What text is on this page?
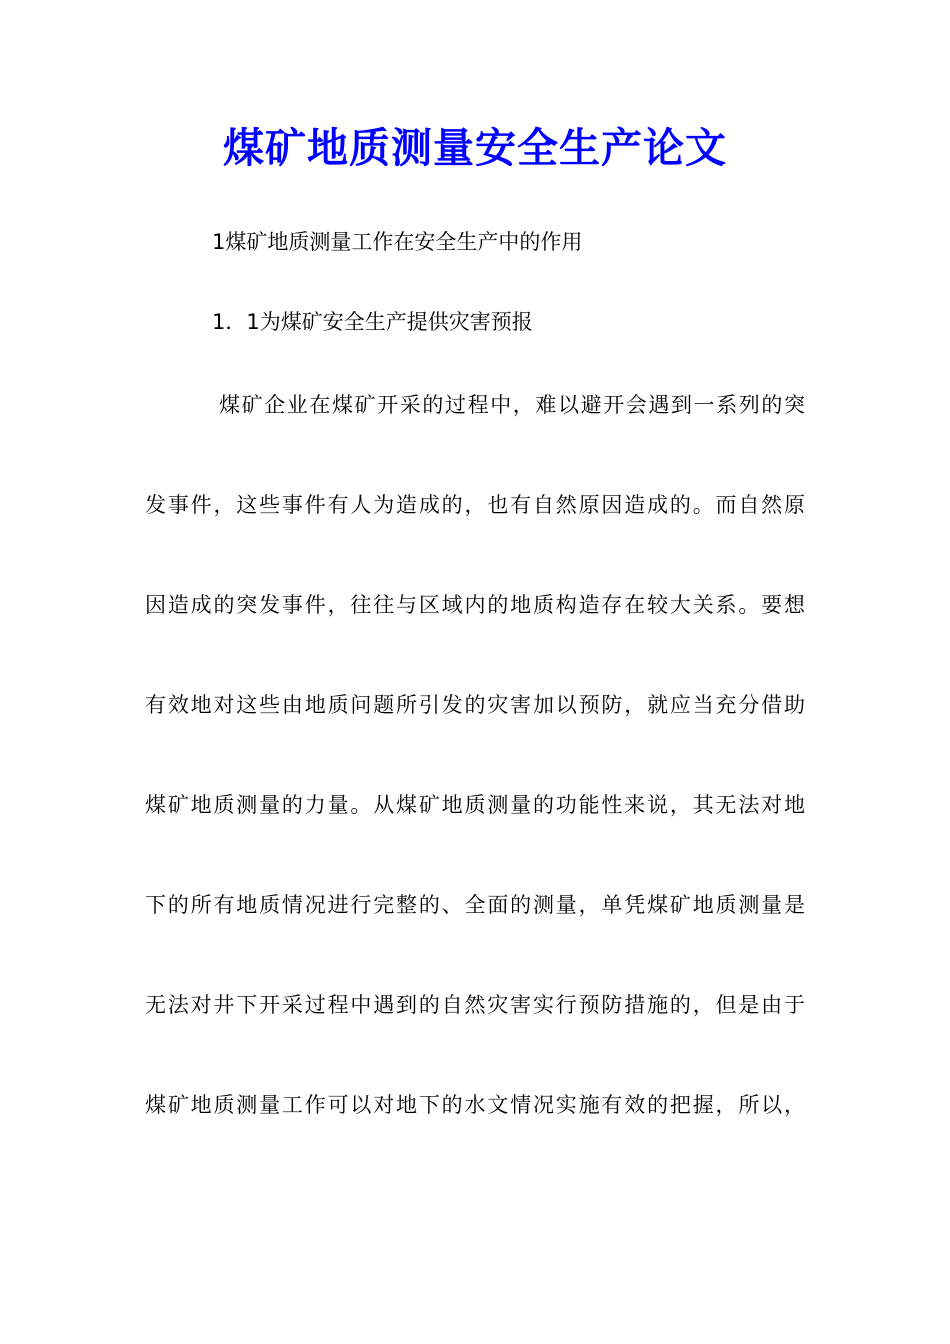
煤矿地质测量安全生产论文

1煤矿地质测量工作在安全生产中的作用

1．1为煤矿安全生产提供灾害预报

煤矿企业在煤矿开采的过程中，难以避开会遇到一系列的突
发事件，这些事件有人为造成的，也有自然原因造成的。而自然原
因造成的突发事件，往往与区域内的地质构造存在较大关系。要想
有效地对这些由地质问题所引发的灾害加以预防，就应当充分借助
煤矿地质测量的力量。从煤矿地质测量的功能性来说，其无法对地
下的所有地质情况进行完整的、全面的测量，单凭煤矿地质测量是
无法对井下开采过程中遇到的自然灾害实行预防措施的，但是由于
煤矿地质测量工作可以对地下的水文情况实施有效的把握，所以，
